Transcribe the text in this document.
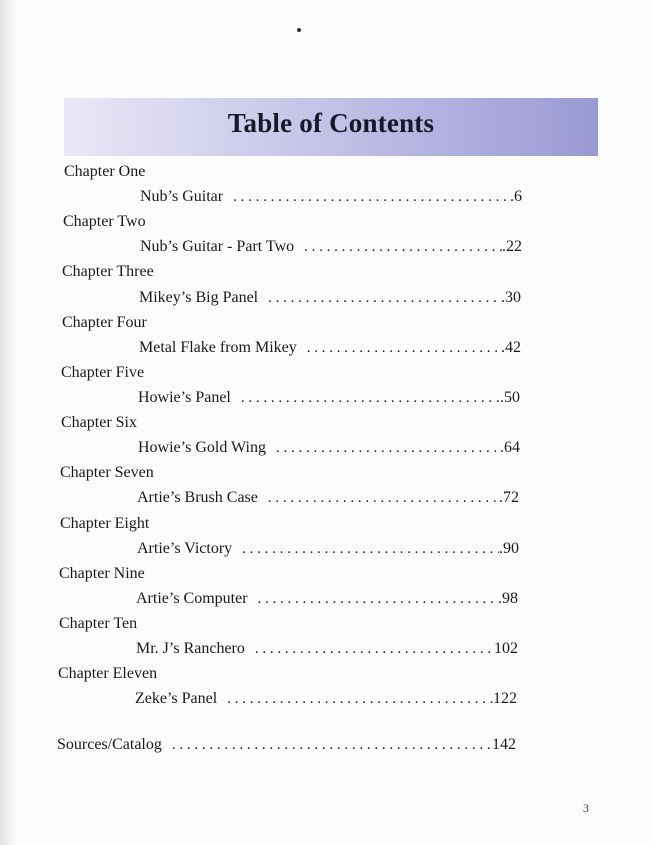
Table of Contents
Chapter One
Nub’s Guitar . . .	.6
Chapter Two
Nub’s Guitar - Part Two . . .	.22
Chapter Three
Mikey’s Big Panel . . .	.30
Chapter Four
Metal Flake from Mikey . . .	.42
Chapter Five
Howie’s Panel . . .	.50
Chapter Six
Howie’s Gold Wing . . .	.64
Chapter Seven
Artie’s Brush Case . . .	.72
Chapter Eight
Artie’s Victory . . .	.90
Chapter Nine
Artie’s Computer . . .	.98
Chapter Ten
Mr. J’s Ranchero . . .	102
Chapter Eleven
Zeke’s Panel . . .	122
Sources/Catalog . . .	142
3
